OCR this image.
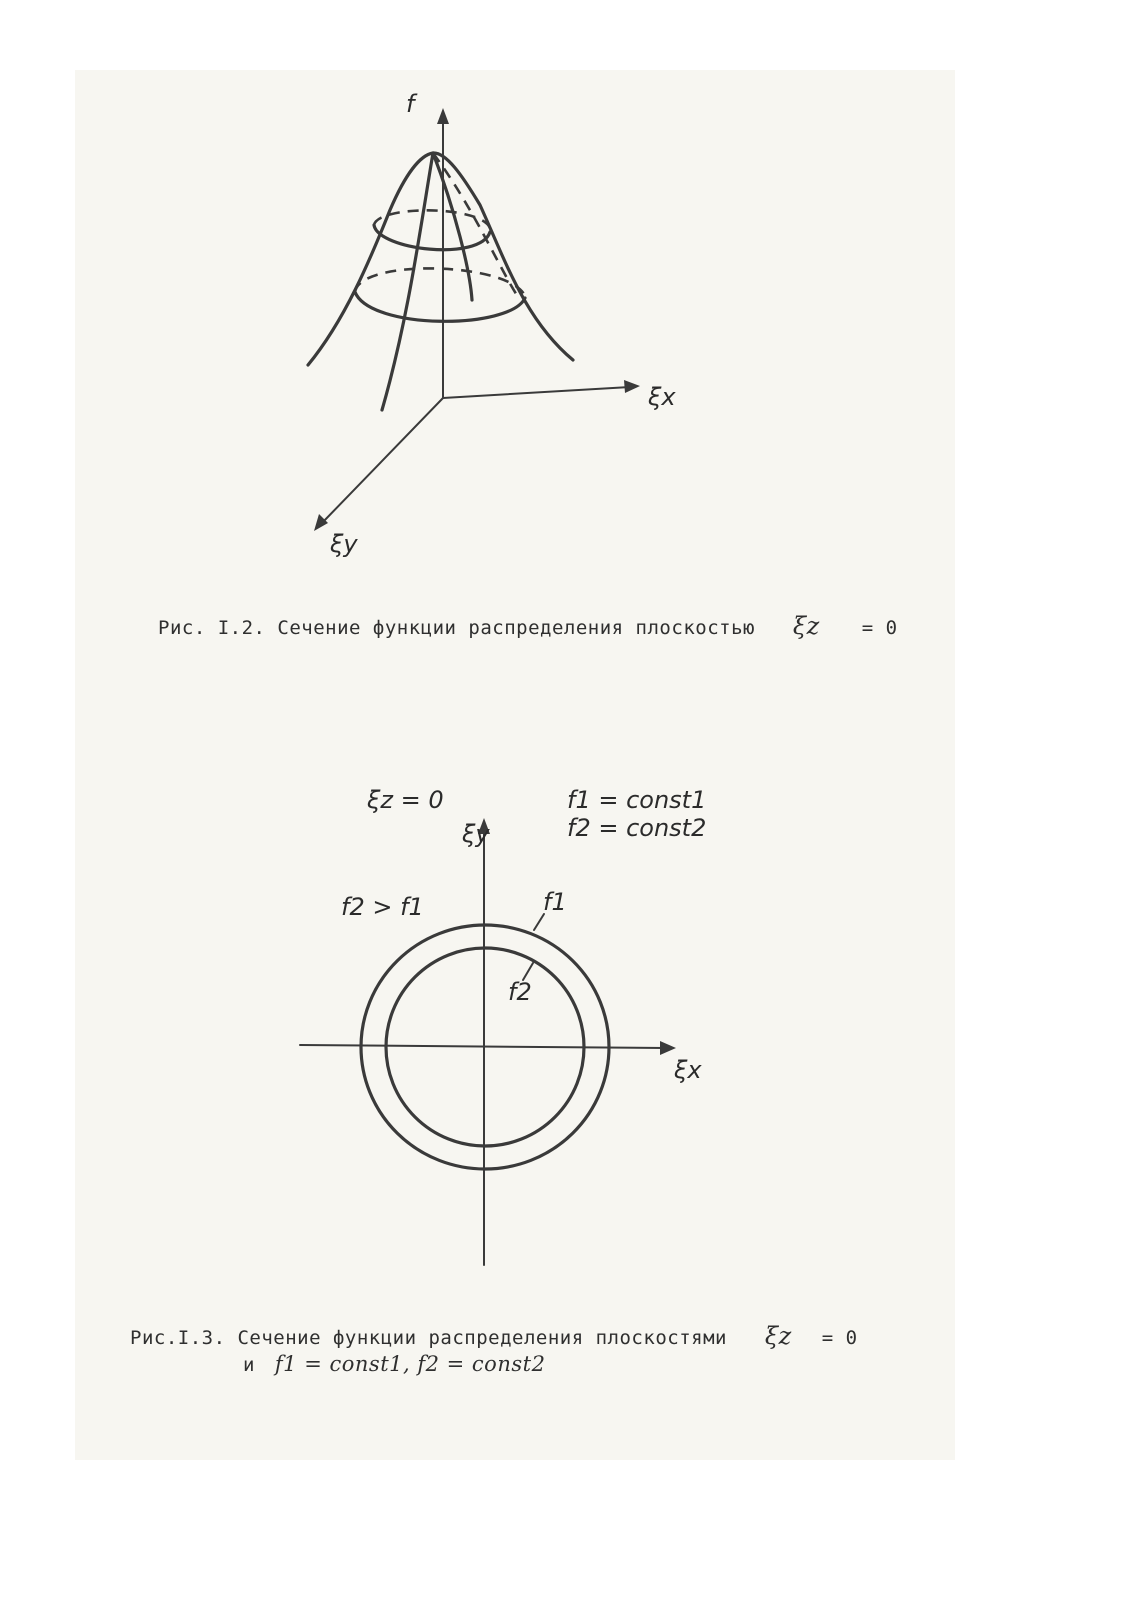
f
ξx
ξy
Рис. I.2. Сечение функции распределения плоскостью ξz = 0
ξz = 0	f1 = const1
f2 = const2
f2 > f1	f1
f2
ξx
ξy
Рис.I.3. Сечение функции распределения плоскостями ξz = 0
и f1 = const1, f2 = const2
